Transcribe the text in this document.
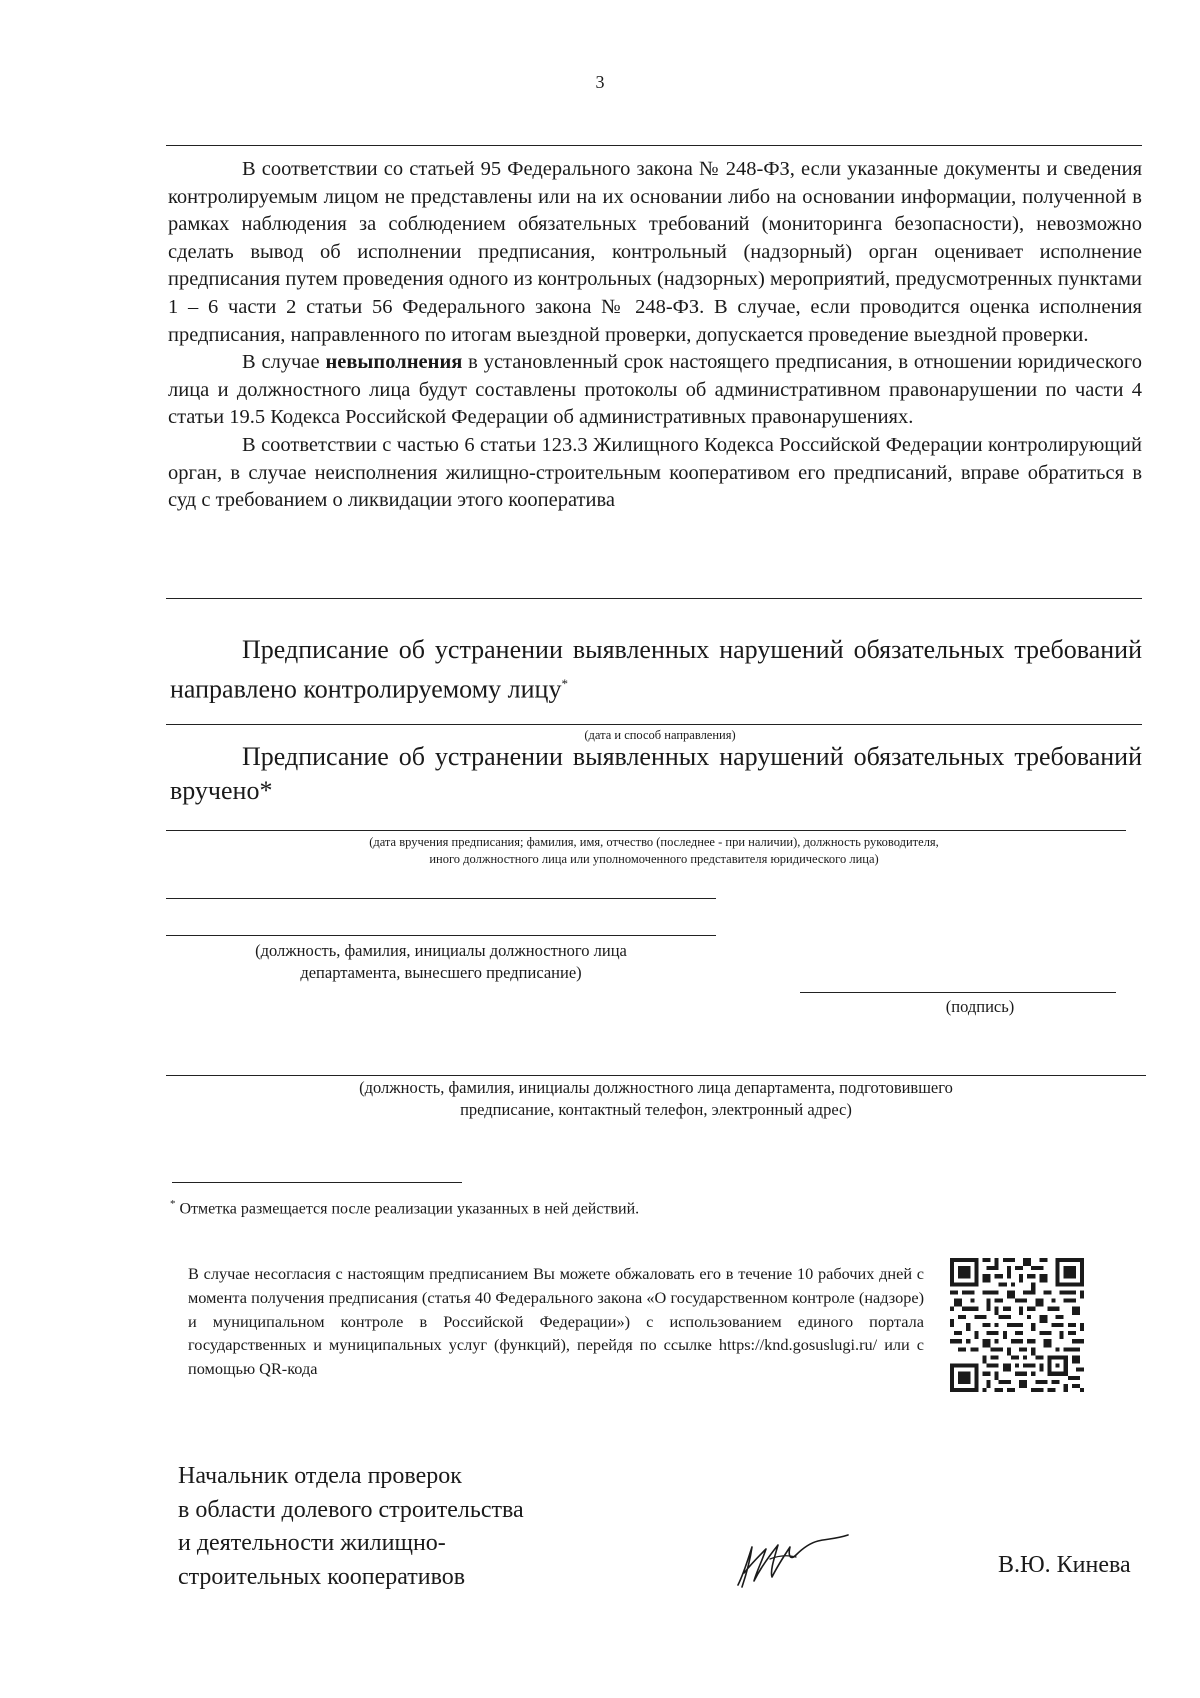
3

В соответствии со статьей 95 Федерального закона № 248-ФЗ, если указанные документы и сведения контролируемым лицом не представлены или на их основании либо на основании информации, полученной в рамках наблюдения за соблюдением обязательных требований (мониторинга безопасности), невозможно сделать вывод об исполнении предписания, контрольный (надзорный) орган оценивает исполнение предписания путем проведения одного из контрольных (надзорных) мероприятий, предусмотренных пунктами 1 – 6 части 2 статьи 56 Федерального закона № 248-ФЗ. В случае, если проводится оценка исполнения предписания, направленного по итогам выездной проверки, допускается проведение выездной проверки.

В случае невыполнения в установленный срок настоящего предписания, в отношении юридического лица и должностного лица будут составлены протоколы об административном правонарушении по части 4 статьи 19.5 Кодекса Российской Федерации об административных правонарушениях.

В соответствии с частью 6 статьи 123.3 Жилищного Кодекса Российской Федерации контролирующий орган, в случае неисполнения жилищно-строительным кооперативом его предписаний, вправе обратиться в суд с требованием о ликвидации этого кооператива

Предписание об устранении выявленных нарушений обязательных требований направлено контролируемому лицу*

(дата и способ направления)

Предписание об устранении выявленных нарушений обязательных требований вручено*

(дата вручения предписания; фамилия, имя, отчество (последнее - при наличии), должность руководителя,
иного должностного лица или уполномоченного представителя юридического лица)
(должность, фамилия, инициалы должностного лица
департамента, вынесшего предписание)
(подпись)
(должность, фамилия, инициалы должностного лица департамента, подготовившего
предписание, контактный телефон, электронный адрес)
* Отметка размещается после реализации указанных в ней действий.
В случае несогласия с настоящим предписанием Вы можете обжаловать его в течение 10 рабочих дней с момента получения предписания (статья 40 Федерального закона «О государственном контроле (надзоре) и муниципальном контроле в Российской Федерации») с использованием единого портала государственных и муниципальных услуг (функций), перейдя по ссылке https://knd.gosuslugi.ru/ или с помощью QR-кода
Начальник отдела проверок
в области долевого строительства
и деятельности жилищно-
строительных кооперативов	В.Ю. Кинева
